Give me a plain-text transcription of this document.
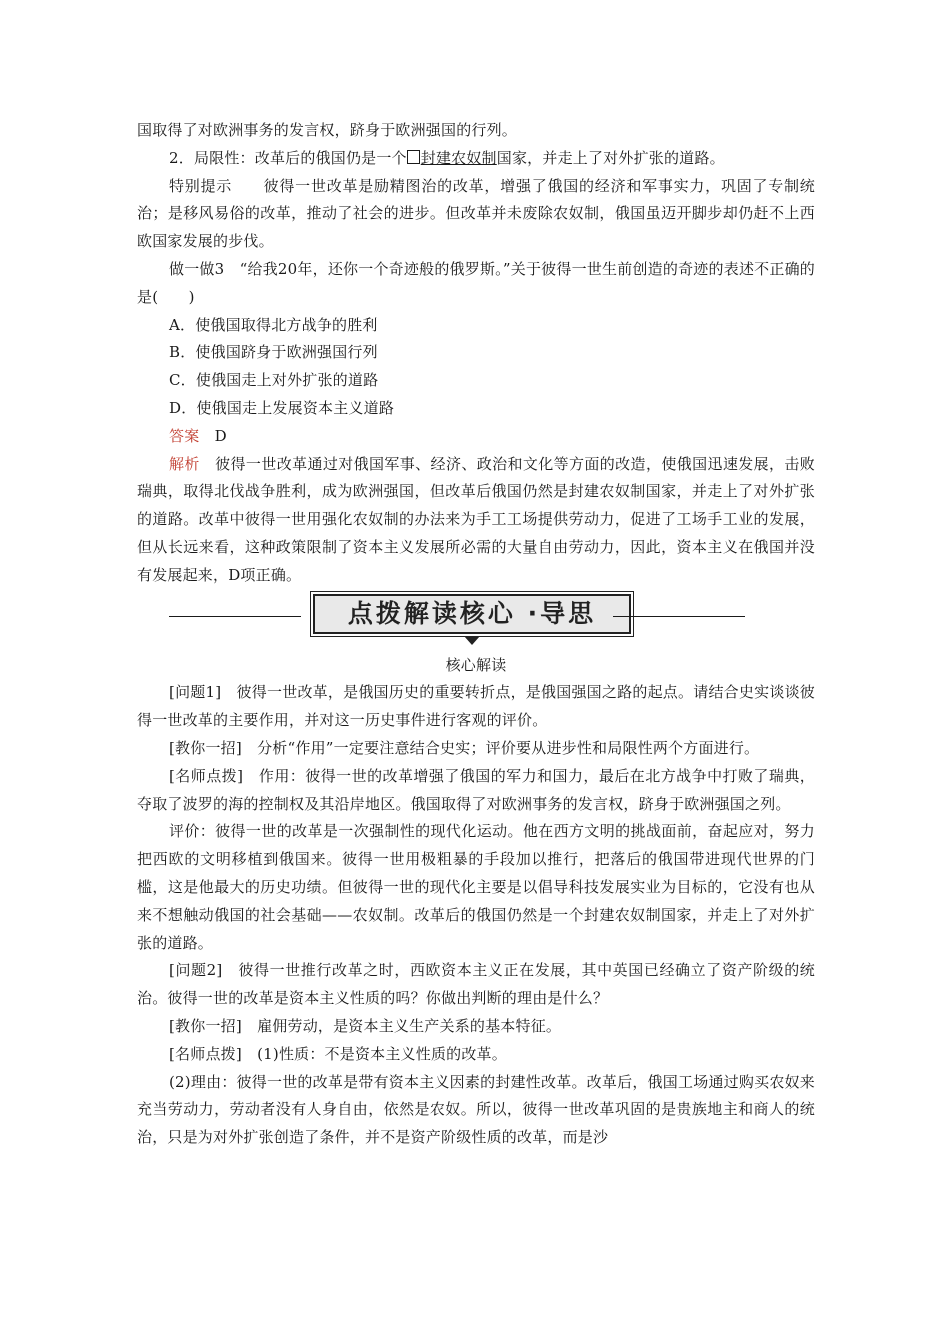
国取得了对欧洲事务的发言权，跻身于欧洲强国的行列。

2．局限性：改革后的俄国仍是一个 封建农奴制国家，并走上了对外扩张的道路。

特别提示　　彼得一世改革是励精图治的改革，增强了俄国的经济和军事实力，巩固了专制统治；是移风易俗的改革，推动了社会的进步。但改革并未废除农奴制，俄国虽迈开脚步却仍赶不上西欧国家发展的步伐。

做一做3　“给我20年，还你一个奇迹般的俄罗斯。”关于彼得一世生前创造的奇迹的表述不正确的是(　　)

A．使俄国取得北方战争的胜利

B．使俄国跻身于欧洲强国行列

C．使俄国走上对外扩张的道路

D．使俄国走上发展资本主义道路

答案　D

解析　彼得一世改革通过对俄国军事、经济、政治和文化等方面的改造，使俄国迅速发展，击败瑞典，取得北伐战争胜利，成为欧洲强国，但改革后俄国仍然是封建农奴制国家，并走上了对外扩张的道路。改革中彼得一世用强化农奴制的办法来为手工工场提供劳动力，促进了工场手工业的发展，但从长远来看，这种政策限制了资本主义发展所必需的大量自由劳动力，因此，资本主义在俄国并没有发展起来，D项正确。

点拨解读核心 ·导思

核心解读

[问题1]　彼得一世改革，是俄国历史的重要转折点，是俄国强国之路的起点。请结合史实谈谈彼得一世改革的主要作用，并对这一历史事件进行客观的评价。

[教你一招]　分析“作用”一定要注意结合史实；评价要从进步性和局限性两个方面进行。

[名师点拨]　作用：彼得一世的改革增强了俄国的军力和国力，最后在北方战争中打败了瑞典，夺取了波罗的海的控制权及其沿岸地区。俄国取得了对欧洲事务的发言权，跻身于欧洲强国之列。

评价：彼得一世的改革是一次强制性的现代化运动。他在西方文明的挑战面前，奋起应对，努力把西欧的文明移植到俄国来。彼得一世用极粗暴的手段加以推行，把落后的俄国带进现代世界的门槛，这是他最大的历史功绩。但彼得一世的现代化主要是以倡导科技发展实业为目标的，它没有也从来不想触动俄国的社会基础——农奴制。改革后的俄国仍然是一个封建农奴制国家，并走上了对外扩张的道路。

[问题2]　彼得一世推行改革之时，西欧资本主义正在发展，其中英国已经确立了资产阶级的统治。彼得一世的改革是资本主义性质的吗？你做出判断的理由是什么？

[教你一招]　雇佣劳动，是资本主义生产关系的基本特征。

[名师点拨]　(1)性质：不是资本主义性质的改革。

(2)理由：彼得一世的改革是带有资本主义因素的封建性改革。改革后，俄国工场通过购买农奴来充当劳动力，劳动者没有人身自由，依然是农奴。所以，彼得一世改革巩固的是贵族地主和商人的统治，只是为对外扩张创造了条件，并不是资产阶级性质的改革，而是沙
